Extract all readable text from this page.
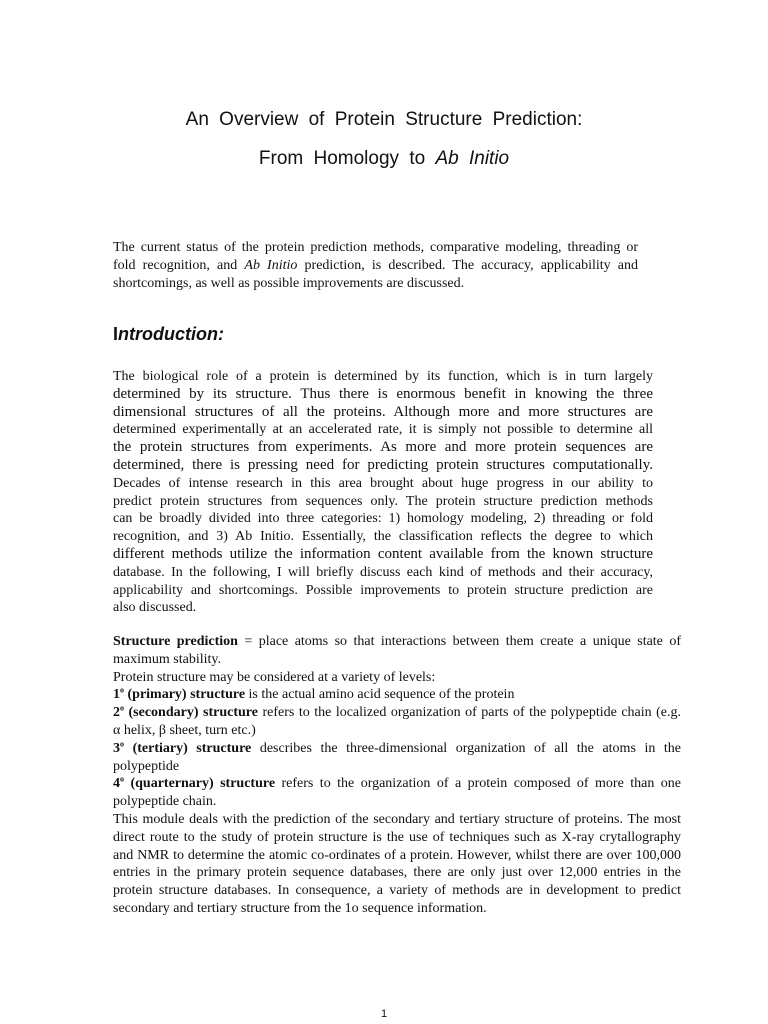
An Overview of Protein Structure Prediction:
From Homology to Ab Initio
The current status of the protein prediction methods, comparative modeling, threading or
fold recognition, and Ab Initio prediction, is described. The accuracy, applicability and
shortcomings, as well as possible improvements are discussed.
Introduction:
The biological role of a protein is determined by its function, which is in turn largely
determined by its structure. Thus there is enormous benefit in knowing the three
dimensional structures of all the proteins. Although more and more structures are
determined experimentally at an accelerated rate, it is simply not possible to determine all
the protein structures from experiments. As more and more protein sequences are
determined, there is pressing need for predicting protein structures computationally.
Decades of intense research in this area brought about huge progress in our ability to
predict protein structures from sequences only. The protein structure prediction methods
can be broadly divided into three categories: 1) homology modeling, 2) threading or fold
recognition, and 3) Ab Initio. Essentially, the classification reflects the degree to which
different methods utilize the information content available from the known structure
database. In the following, I will briefly discuss each kind of methods and their accuracy,
applicability and shortcomings. Possible improvements to protein structure prediction are
also discussed.
Structure prediction = place atoms so that interactions between them create a unique state of
maximum stability.
Protein structure may be considered at a variety of levels:
1$^o$ (primary) structure is the actual amino acid sequence of the protein
2$^o$ (secondary) structure refers to the localized organization of parts of the polypeptide chain (e.g.
α helix, β sheet, turn etc.)
3$^o$ (tertiary) structure describes the three-dimensional organization of all the atoms in the
polypeptide
4$^o$ (quarternary) structure refers to the organization of a protein composed of more than one
polypeptide chain.
This module deals with the prediction of the secondary and tertiary structure of proteins. The most
direct route to the study of protein structure is the use of techniques such as X-ray crytallography
and NMR to determine the atomic co-ordinates of a protein. However, whilst there are over 100,000
entries in the primary protein sequence databases, there are only just over 12,000 entries in the
protein structure databases. In consequence, a variety of methods are in development to predict
secondary and tertiary structure from the 1o sequence information.
1
